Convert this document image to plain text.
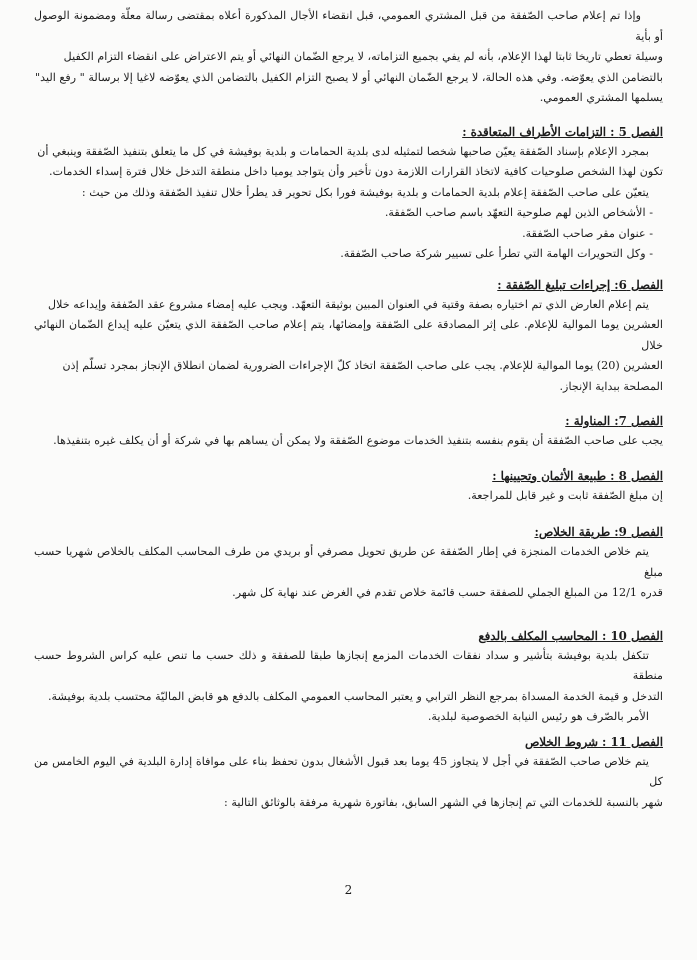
وإذا تم إعلام صاحب الصّفقة من قبل المشتري العمومي، قبل انقضاء الأجال المذكورة أعلاه بمقتضى رسالة معلّة ومضمونة الوصول أو بأية

وسيلة تعطي تاريخا ثابتا لهذا الإعلام، بأنه لم يفي بجميع التزاماته، لا يرجع الضّمان النهائي أو يتم الاعتراض على انقضاء التزام الكفيل

بالتضامن الذي يعوّضه. وفي هذه الحالة، لا يرجع الضّمان النهائي أو لا يصبح التزام الكفيل بالتضامن الذي يعوّضه لاغيا إلا برسالة " رفع اليد"

يسلمها المشتري العمومي.

الفصل 5 : التزامات الأطراف المتعاقدة :

بمجرد الإعلام بإسناد الصّفقة يعيّن صاحبها شخصا لتمثيله لدى بلدية الحمامات و بلدية بوفيشة في كل ما يتعلق بتنفيذ الصّفقة وينبغي أن

تكون لهذا الشخص صلوحيات كافية لاتخاذ القرارات اللازمة دون تأخير وأن يتواجد يوميا داخل منطقة التدخل خلال فترة إسداء الخدمات.

يتعيّن على صاحب الصّفقة إعلام بلدية الحمامات و بلدية بوفيشة فورا بكل تحوير قد يطرأ خلال تنفيذ الصّفقة وذلك من حيث :

- الأشخاص الذين لهم صلوحية التعهّد باسم صاحب الصّفقة.

- عنوان مقر صاحب الصّفقة.

- وكل التحويرات الهامة التي تطرأ على تسيير شركة صاحب الصّفقة.

الفصل 6: إجراءات تبليغ الصّفقة :

يتم إعلام العارض الذي تم اختياره بصفة وقتية في العنوان المبين بوثيقة التعهّد. ويجب عليه إمضاء مشروع عقد الصّفقة وإيداعه خلال

العشرين يوما الموالية للإعلام. على إثر المصادقة على الصّفقة وإمضائها، يتم إعلام صاحب الصّفقة الذي يتعيّن عليه إيداع الضّمان النهائي خلال

العشرين (20) يوما الموالية للإعلام. يجب على صاحب الصّفقة اتخاذ كلّ الإجراءات الضرورية لضمان انطلاق الإنجاز بمجرد تسلّم إذن

المصلحة ببداية الإنجاز.

الفصل 7: المناولة :

يجب على صاحب الصّفقة أن يقوم بنفسه بتنفيذ الخدمات موضوع الصّفقة ولا يمكن أن يساهم بها في شركة أو أن يكلف غيره بتنفيذها.

الفصل 8 : طبيعة الأثمان وتحيينها :

إن مبلغ الصّفقة ثابت و غير قابل للمراجعة.

الفصل 9: طريقة الخلاص:

يتم خلاص الخدمات المنجزة في إطار الصّفقة عن طريق تحويل مصرفي أو بريدي من طرف المحاسب المكلف بالخلاص شهريا حسب مبلغ

قدره 12/1 من المبلغ الجملي للصفقة حسب قائمة خلاص تقدم في الغرض عند نهاية كل شهر.

الفصل 10 : المحاسب المكلف بالدفع

تتكفل بلدية بوفيشة بتأشير و سداد نفقات الخدمات المزمع إنجازها طبقا للصفقة و ذلك حسب ما تنص عليه كراس الشروط حسب منطقة

التدخل و قيمة الخدمة المسداة بمرجع النظر الترابي و يعتبر المحاسب العمومي المكلف بالدفع هو قابض الماليّة محتسب بلدية بوفيشة.

الأمر بالصّرف هو رئيس النيابة الخصوصية لبلدية.

الفصل 11 : شروط الخلاص

يتم خلاص صاحب الصّفقة في أجل لا يتجاوز 45 يوما بعد قبول الأشغال بدون تحفظ بناء على موافاة إدارة البلدية في اليوم الخامس من كل

شهر بالنسبة للخدمات التي تم إنجازها في الشهر السابق، بفاتورة شهرية مرفقة بالوثائق التالية :

2
